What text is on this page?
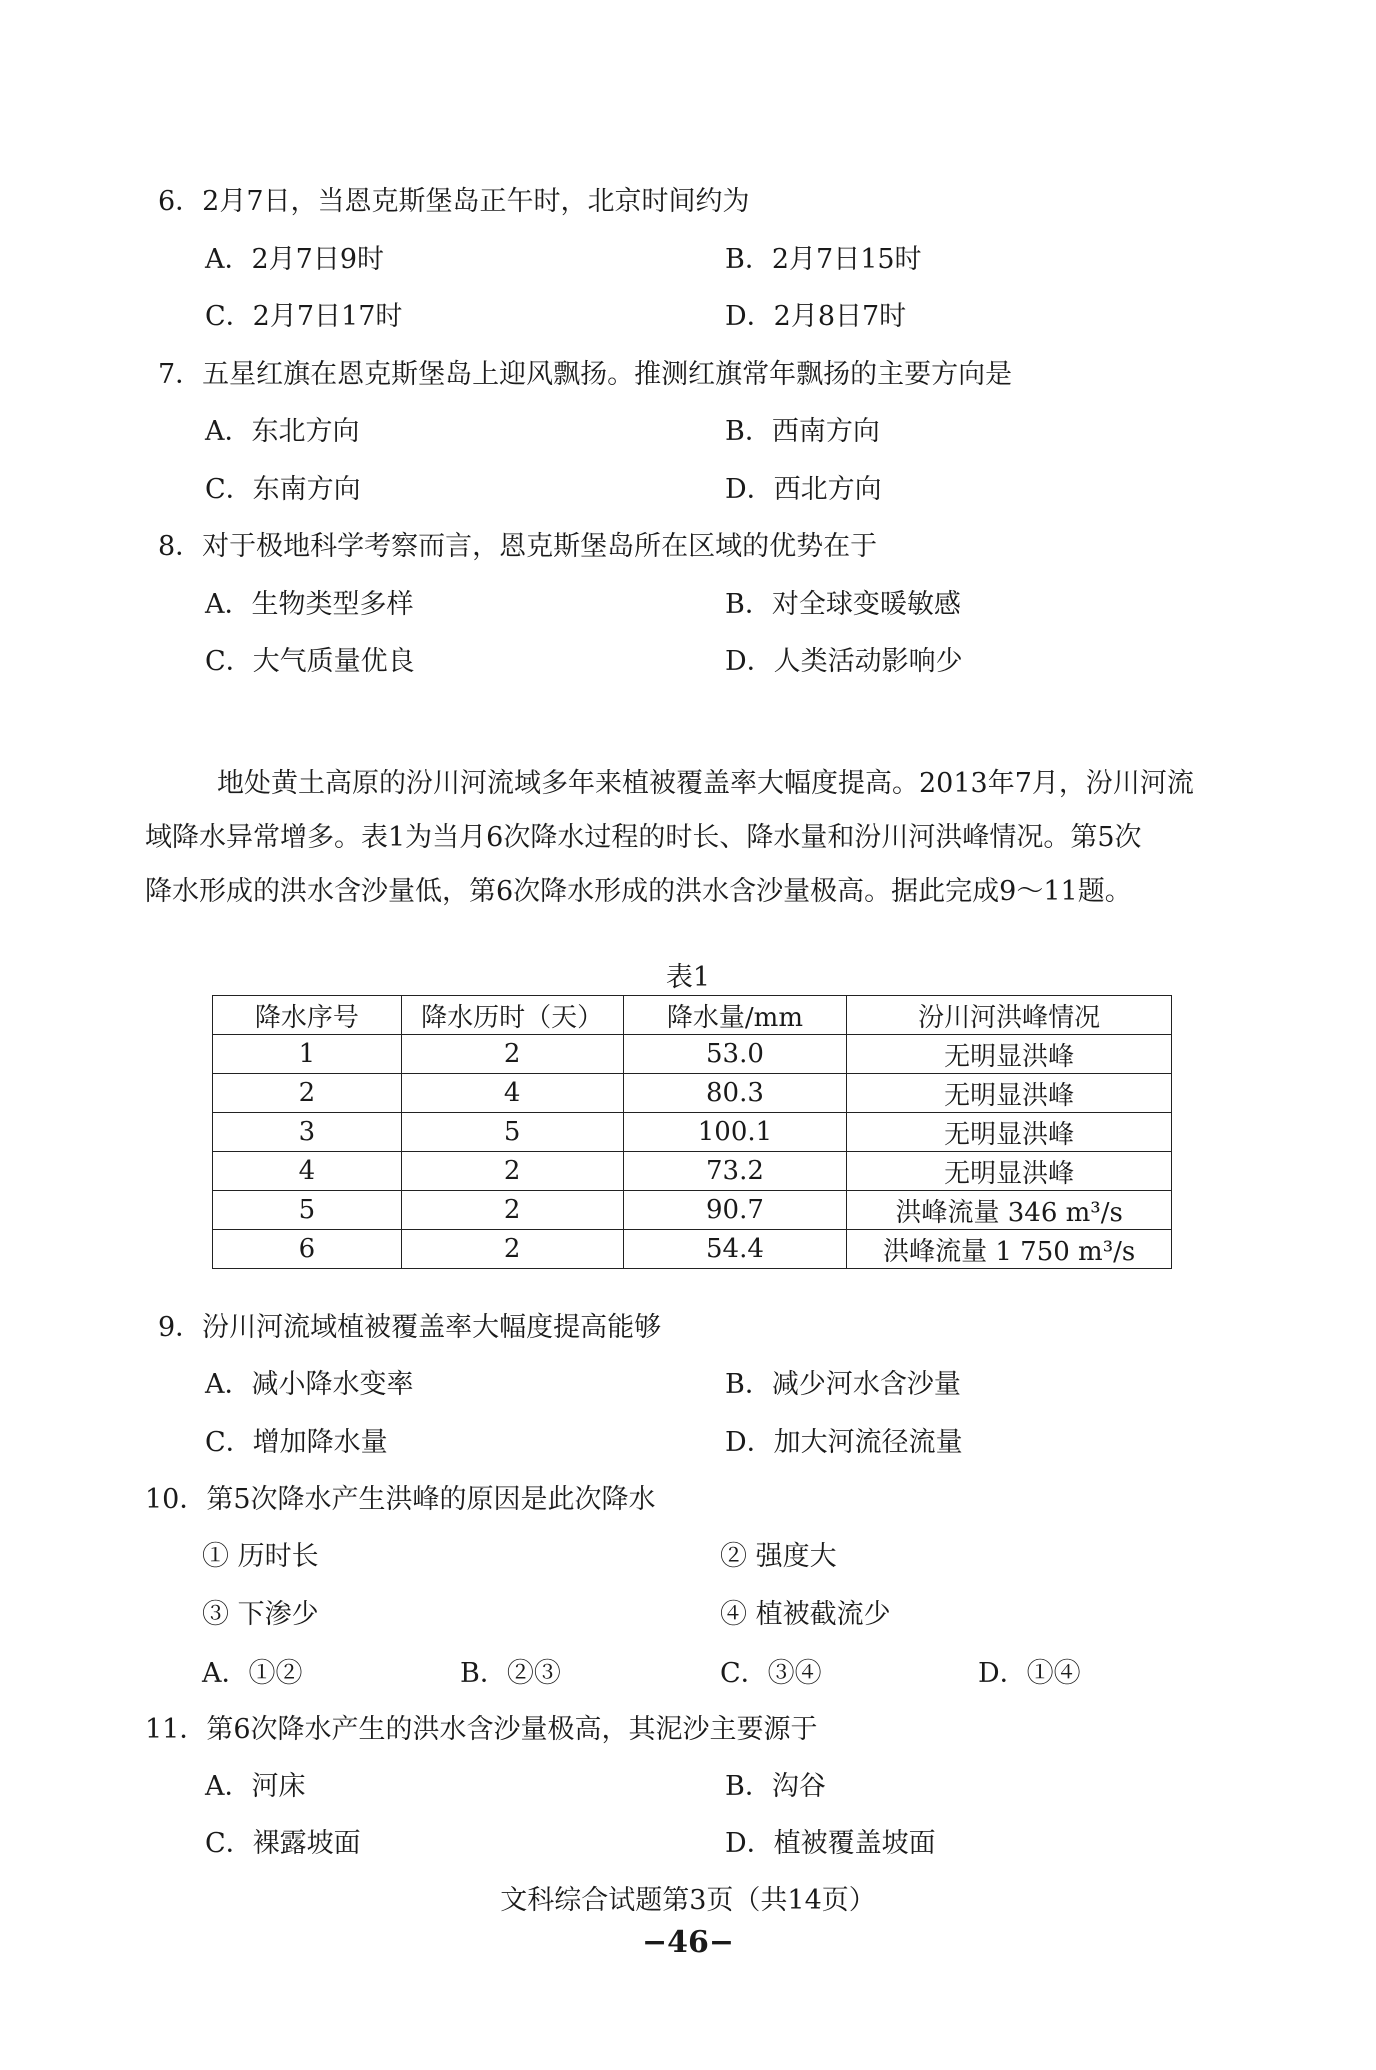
6．2月7日，当恩克斯堡岛正午时，北京时间约为
A．2月7日9时	B．2月7日15时
C．2月7日17时	D．2月8日7时
7．五星红旗在恩克斯堡岛上迎风飘扬。推测红旗常年飘扬的主要方向是
A．东北方向	B．西南方向
C．东南方向	D．西北方向
8．对于极地科学考察而言，恩克斯堡岛所在区域的优势在于
A．生物类型多样	B．对全球变暖敏感
C．大气质量优良	D．人类活动影响少
地处黄土高原的汾川河流域多年来植被覆盖率大幅度提高。2013年7月，汾川河流
域降水异常增多。表1为当月6次降水过程的时长、降水量和汾川河洪峰情况。第5次
降水形成的洪水含沙量低，第6次降水形成的洪水含沙量极高。据此完成9～11题。
表1
降水序号	降水历时（天）	降水量/mm	汾川河洪峰情况
1	2	53.0	无明显洪峰
2	4	80.3	无明显洪峰
3	5	100.1	无明显洪峰
4	2	73.2	无明显洪峰
5	2	90.7	洪峰流量 346 m³/s
6	2	54.4	洪峰流量 1 750 m³/s
9．汾川河流域植被覆盖率大幅度提高能够
A．减小降水变率	B．减少河水含沙量
C．增加降水量	D．加大河流径流量
10．第5次降水产生洪峰的原因是此次降水
① 历时长	② 强度大
③ 下渗少	④ 植被截流少
A．①②	B．②③	C．③④	D．①④
11．第6次降水产生的洪水含沙量极高，其泥沙主要源于
A．河床	B．沟谷
C．裸露坡面	D．植被覆盖坡面
文科综合试题第3页（共14页）
−46−
